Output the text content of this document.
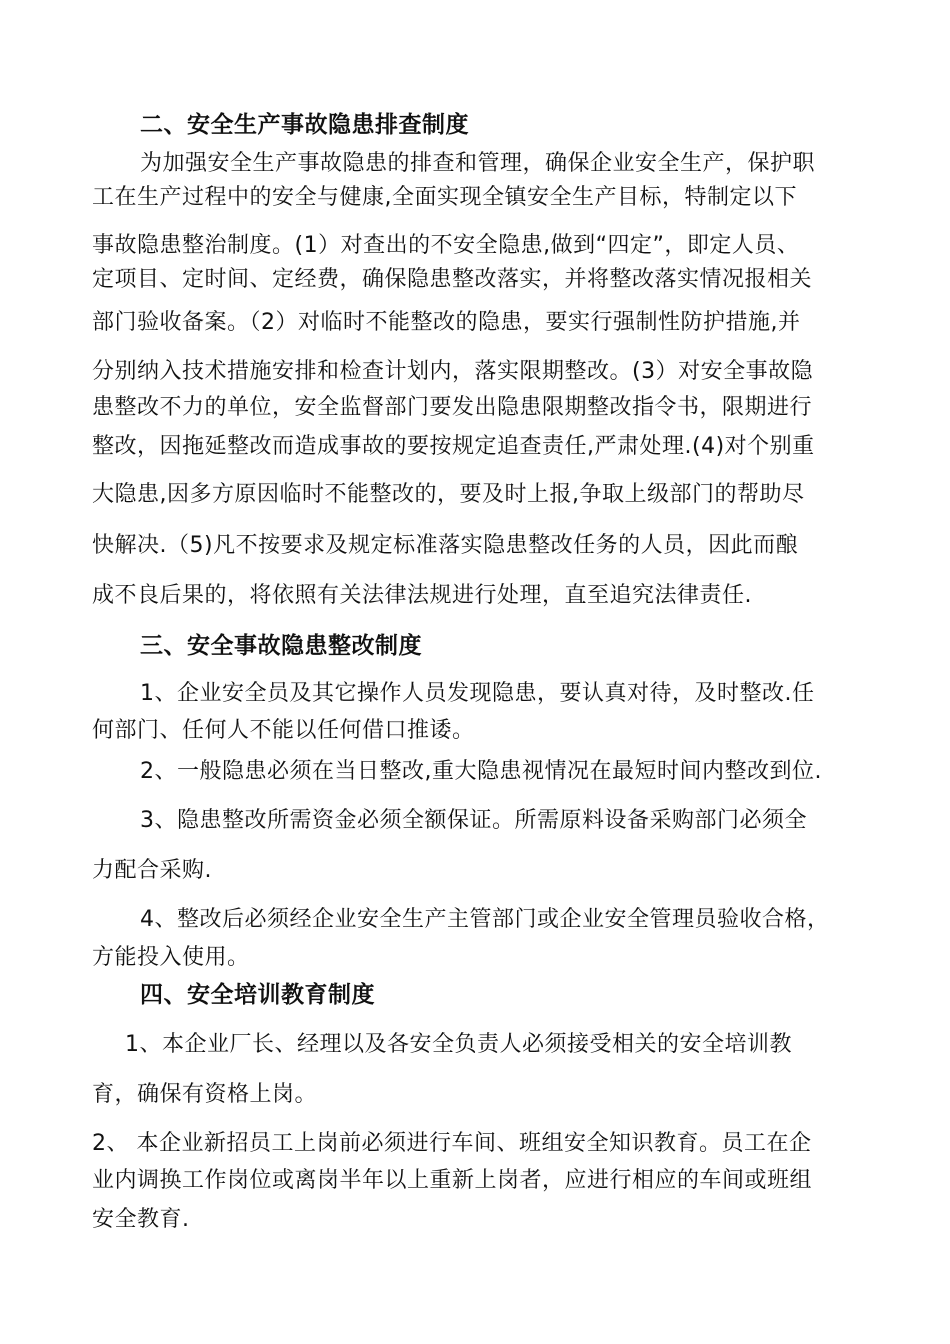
二、安全生产事故隐患排查制度
为加强安全生产事故隐患的排查和管理，确保企业安全生产，保护职
工在生产过程中的安全与健康,全面实现全镇安全生产目标，特制定以下
事故隐患整治制度。(1）对查出的不安全隐患,做到“四定”，即定人员、
定项目、定时间、定经费，确保隐患整改落实，并将整改落实情况报相关
部门验收备案。（2）对临时不能整改的隐患，要实行强制性防护措施,并
分别纳入技术措施安排和检查计划内，落实限期整改。(3）对安全事故隐
患整改不力的单位，安全监督部门要发出隐患限期整改指令书，限期进行
整改，因拖延整改而造成事故的要按规定追查责任,严肃处理.(4)对个别重
大隐患,因多方原因临时不能整改的，要及时上报,争取上级部门的帮助尽
快解决.（5)凡不按要求及规定标准落实隐患整改任务的人员，因此而酿
成不良后果的，将依照有关法律法规进行处理，直至追究法律责任.
三、安全事故隐患整改制度
1、企业安全员及其它操作人员发现隐患，要认真对待，及时整改.任
何部门、任何人不能以任何借口推诿。
2、一般隐患必须在当日整改,重大隐患视情况在最短时间内整改到位.
3、隐患整改所需资金必须全额保证。所需原料设备采购部门必须全
力配合采购.
4、整改后必须经企业安全生产主管部门或企业安全管理员验收合格，
方能投入使用。
四、安全培训教育制度
1、本企业厂长、经理以及各安全负责人必须接受相关的安全培训教
育，确保有资格上岗。
2、 本企业新招员工上岗前必须进行车间、班组安全知识教育。员工在企
业内调换工作岗位或离岗半年以上重新上岗者，应进行相应的车间或班组
安全教育.
